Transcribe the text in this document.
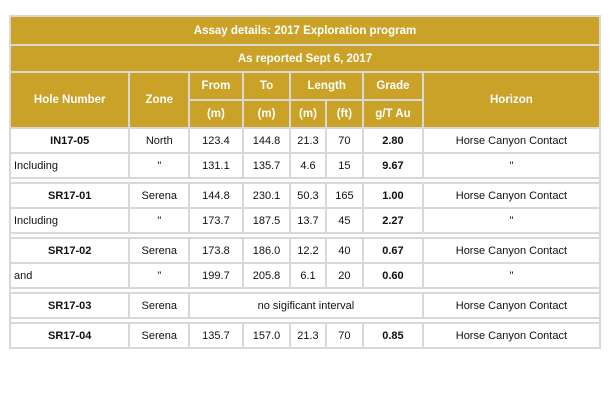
Assay details: 2017 Exploration program							
As reported Sept 6, 2017							
Hole Number	Zone	From	To	Length		Grade	Horizon
		(m)	(m)	(m)	(ft)	g/T Au	
IN17-05	North	123.4	144.8	21.3	70	2.80	Horse Canyon Contact
Including	"	131.1	135.7	4.6	15	9.67	"

SR17-01	Serena	144.8	230.1	50.3	165	1.00	Horse Canyon Contact
Including	"	173.7	187.5	13.7	45	2.27	"

SR17-02	Serena	173.8	186.0	12.2	40	0.67	Horse Canyon Contact
and	"	199.7	205.8	6.1	20	0.60	"

SR17-03	Serena	no sigificant interval					Horse Canyon Contact

SR17-04	Serena	135.7	157.0	21.3	70	0.85	Horse Canyon Contact
